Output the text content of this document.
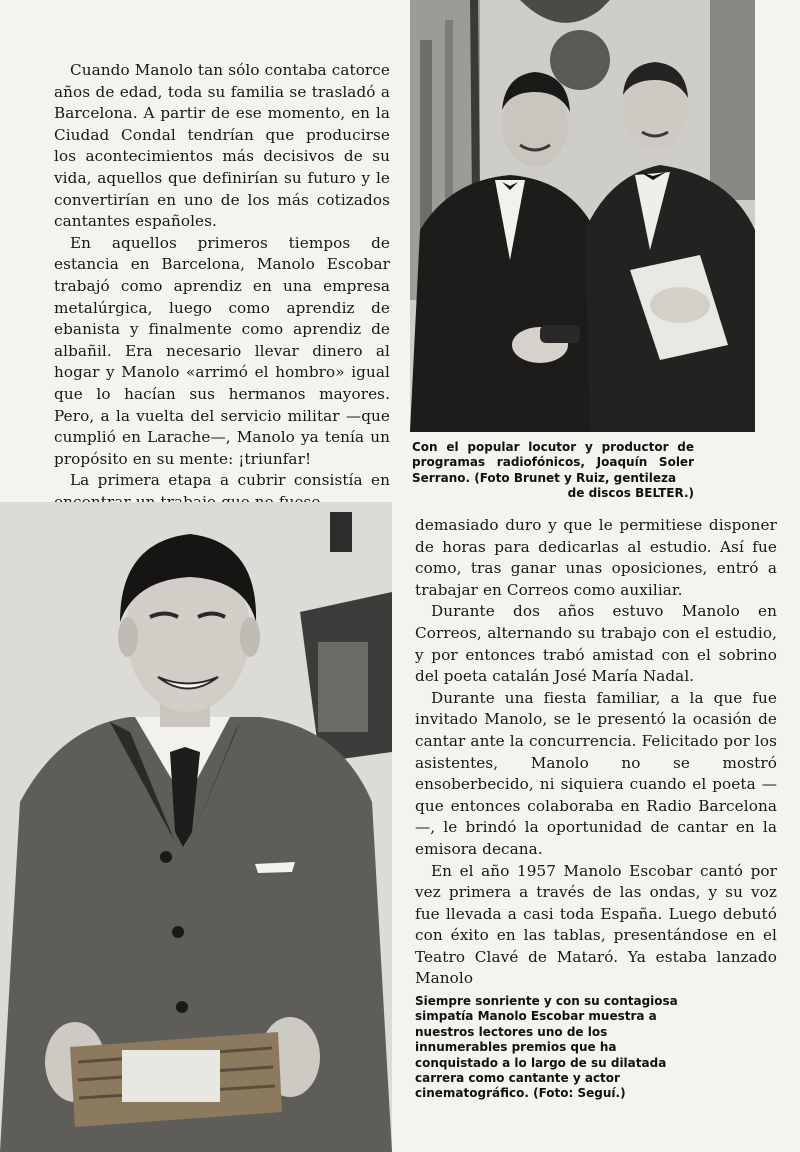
Cuando Manolo tan sólo contaba catorce años de edad, toda su familia se trasladó a Barcelona. A partir de ese momento, en la Ciudad Condal tendrían que producirse los acontecimientos más decisivos de su vida, aquellos que definirían su futuro y le convertirían en uno de los más cotizados cantantes españoles.

En aquellos primeros tiempos de estancia en Barcelona, Manolo Escobar trabajó como aprendiz en una empresa metalúrgica, luego como aprendiz de ebanista y finalmente como aprendiz de albañil. Era necesario llevar dinero al hogar y Manolo «arrimó el hombro» igual que lo hacían sus hermanos mayores. Pero, a la vuelta del servicio militar —que cumplió en Larache—, Manolo ya tenía un propósito en su mente: ¡triunfar!

La primera etapa a cubrir consistía en

Con el popular locutor y productor de programas radiofónicos, Joaquín Soler Serrano. (Foto Brunet y Ruiz, gentileza
de discos BELTER.)

demasiado duro y que le permitiese disponer de horas para dedicarlas al estudio. Así fue como, tras ganar unas oposiciones, entró a trabajar en Correos como auxiliar.

Durante dos años estuvo Manolo en Correos, alternando su trabajo con el estudio, y por entonces trabó amistad con el sobrino del poeta catalán José María Nadal.

Durante una fiesta familiar, a la que fue invitado Manolo, se le presentó la ocasión de cantar ante la concurrencia. Felicitado por los asistentes, Manolo no se mostró ensoberbecido, ni siquiera cuando el poeta —que entonces colaboraba en Radio Barcelona—, le brindó la oportunidad de cantar en la emisora decana.

En el año 1957 Manolo Escobar cantó por vez primera a través de las ondas, y su voz fue llevada a casi toda España. Luego debutó con éxito en las tablas, presentándose en el Teatro Clavé de Mataró. Ya estaba lanzado Manolo

Siempre sonriente y con su contagiosa simpatía Manolo Escobar muestra a nuestros lectores uno de los innumerables premios que ha conquistado a lo largo de su dilatada carrera como cantante y actor cinematográfico. (Foto: Seguí.)
